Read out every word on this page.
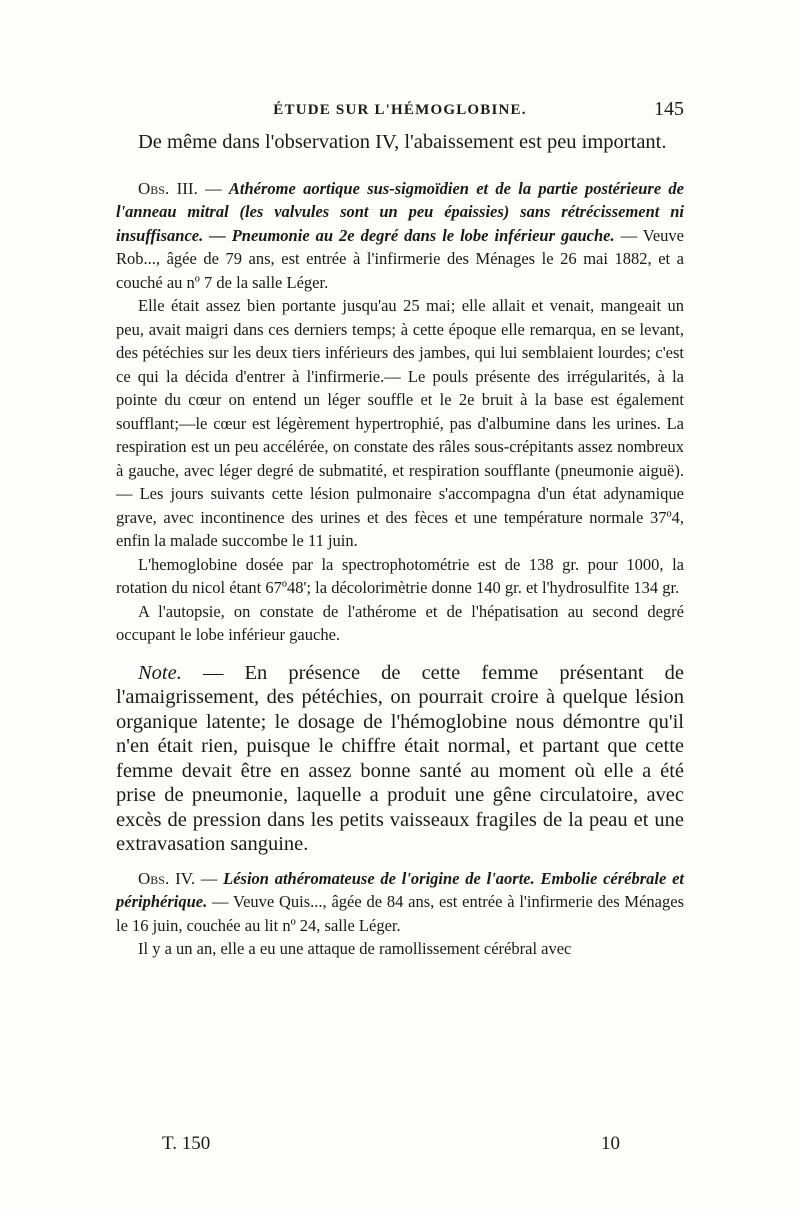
ÉTUDE SUR L'HÉMOGLOBINE.	145

De même dans l'observation IV, l'abaissement est peu important.

Obs. III. — Athérome aortique sus-sigmoïdien et de la partie postérieure de l'anneau mitral (les valvules sont un peu épaissies) sans rétrécissement ni insuffisance. — Pneumonie au 2e degré dans le lobe inférieur gauche. — Veuve Rob..., âgée de 79 ans, est entrée à l'infirmerie des Ménages le 26 mai 1882, et a couché au nº 7 de la salle Léger.

Elle était assez bien portante jusqu'au 25 mai; elle allait et venait, mangeait un peu, avait maigri dans ces derniers temps; à cette époque elle remarqua, en se levant, des pétéchies sur les deux tiers inférieurs des jambes, qui lui semblaient lourdes; c'est ce qui la décida d'entrer à l'infirmerie.— Le pouls présente des irrégularités, à la pointe du cœur on entend un léger souffle et le 2e bruit à la base est également soufflant;—le cœur est légèrement hypertrophié, pas d'albumine dans les urines. La respiration est un peu accélérée, on constate des râles sous-crépitants assez nombreux à gauche, avec léger degré de submatité, et respiration soufflante (pneumonie aiguë). — Les jours suivants cette lésion pulmonaire s'accompagna d'un état adynamique grave, avec incontinence des urines et des fèces et une température normale 37º4, enfin la malade succombe le 11 juin.

L'hemoglobine dosée par la spectrophotométrie est de 138 gr. pour 1000, la rotation du nicol étant 67º48'; la décolorimètrie donne 140 gr. et l'hydrosulfite 134 gr.

A l'autopsie, on constate de l'athérome et de l'hépatisation au second degré occupant le lobe inférieur gauche.

Note. — En présence de cette femme présentant de l'amaigrissement, des pétéchies, on pourrait croire à quelque lésion organique latente; le dosage de l'hémoglobine nous démontre qu'il n'en était rien, puisque le chiffre était normal, et partant que cette femme devait être en assez bonne santé au moment où elle a été prise de pneumonie, laquelle a produit une gêne circulatoire, avec excès de pression dans les petits vaisseaux fragiles de la peau et une extravasation sanguine.

Obs. IV. — Lésion athéromateuse de l'origine de l'aorte. Embolie cérébrale et périphérique. — Veuve Quis..., âgée de 84 ans, est entrée à l'infirmerie des Ménages le 16 juin, couchée au lit nº 24, salle Léger.

Il y a un an, elle a eu une attaque de ramollissement cérébral avec

T. 150	10
